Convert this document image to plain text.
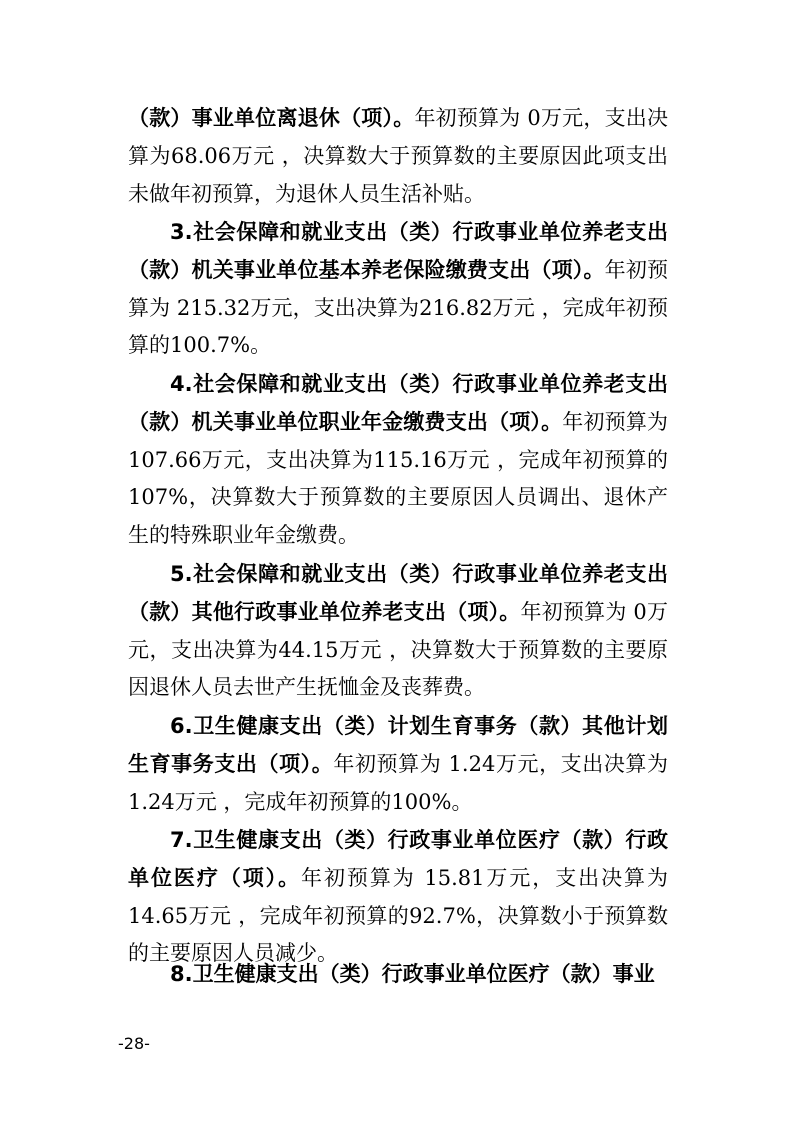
（款）事业单位离退休（项）。年初预算为 0万元，支出决算为68.06万元 ，决算数大于预算数的主要原因此项支出未做年初预算，为退休人员生活补贴。

3.社会保障和就业支出（类）行政事业单位养老支出（款）机关事业单位基本养老保险缴费支出（项）。年初预算为 215.32万元，支出决算为216.82万元 ，完成年初预算的100.7%。

4.社会保障和就业支出（类）行政事业单位养老支出（款）机关事业单位职业年金缴费支出（项）。年初预算为107.66万元，支出决算为115.16万元 ，完成年初预算的107%，决算数大于预算数的主要原因人员调出、退休产生的特殊职业年金缴费。

5.社会保障和就业支出（类）行政事业单位养老支出（款）其他行政事业单位养老支出（项）。年初预算为 0万元，支出决算为44.15万元 ，决算数大于预算数的主要原因退休人员去世产生抚恤金及丧葬费。

6.卫生健康支出（类）计划生育事务（款）其他计划生育事务支出（项）。年初预算为 1.24万元，支出决算为1.24万元 ，完成年初预算的100%。

7.卫生健康支出（类）行政事业单位医疗（款）行政单位医疗（项）。年初预算为 15.81万元，支出决算为14.65万元 ，完成年初预算的92.7%，决算数小于预算数的主要原因人员减少。

8.卫生健康支出（类）行政事业单位医疗（款）事业

-28-
